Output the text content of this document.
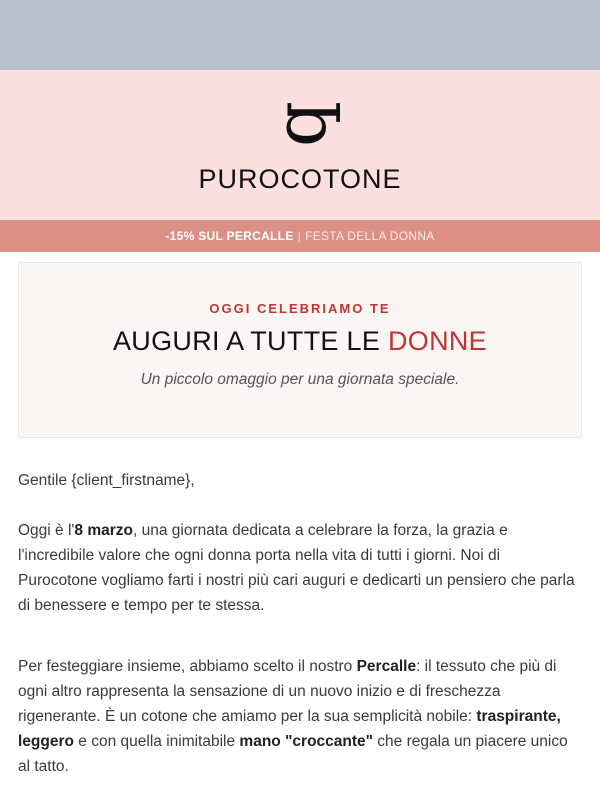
p
PUROCOTONE
-15% SUL PERCALLE | FESTA DELLA DONNA
OGGI CELEBRIAMO TE
AUGURI A TUTTE LE DONNE
Un piccolo omaggio per una giornata speciale.

Gentile {client_firstname},

Oggi è l'8 marzo, una giornata dedicata a celebrare la forza, la grazia e l'incredibile valore che ogni donna porta nella vita di tutti i giorni. Noi di Purocotone vogliamo farti i nostri più cari auguri e dedicarti un pensiero che parla di benessere e tempo per te stessa.

Per festeggiare insieme, abbiamo scelto il nostro Percalle: il tessuto che più di ogni altro rappresenta la sensazione di un nuovo inizio e di freschezza rigenerante. È un cotone che amiamo per la sua semplicità nobile: traspirante, leggero e con quella inimitabile mano "croccante" che regala un piacere unico al tatto.
